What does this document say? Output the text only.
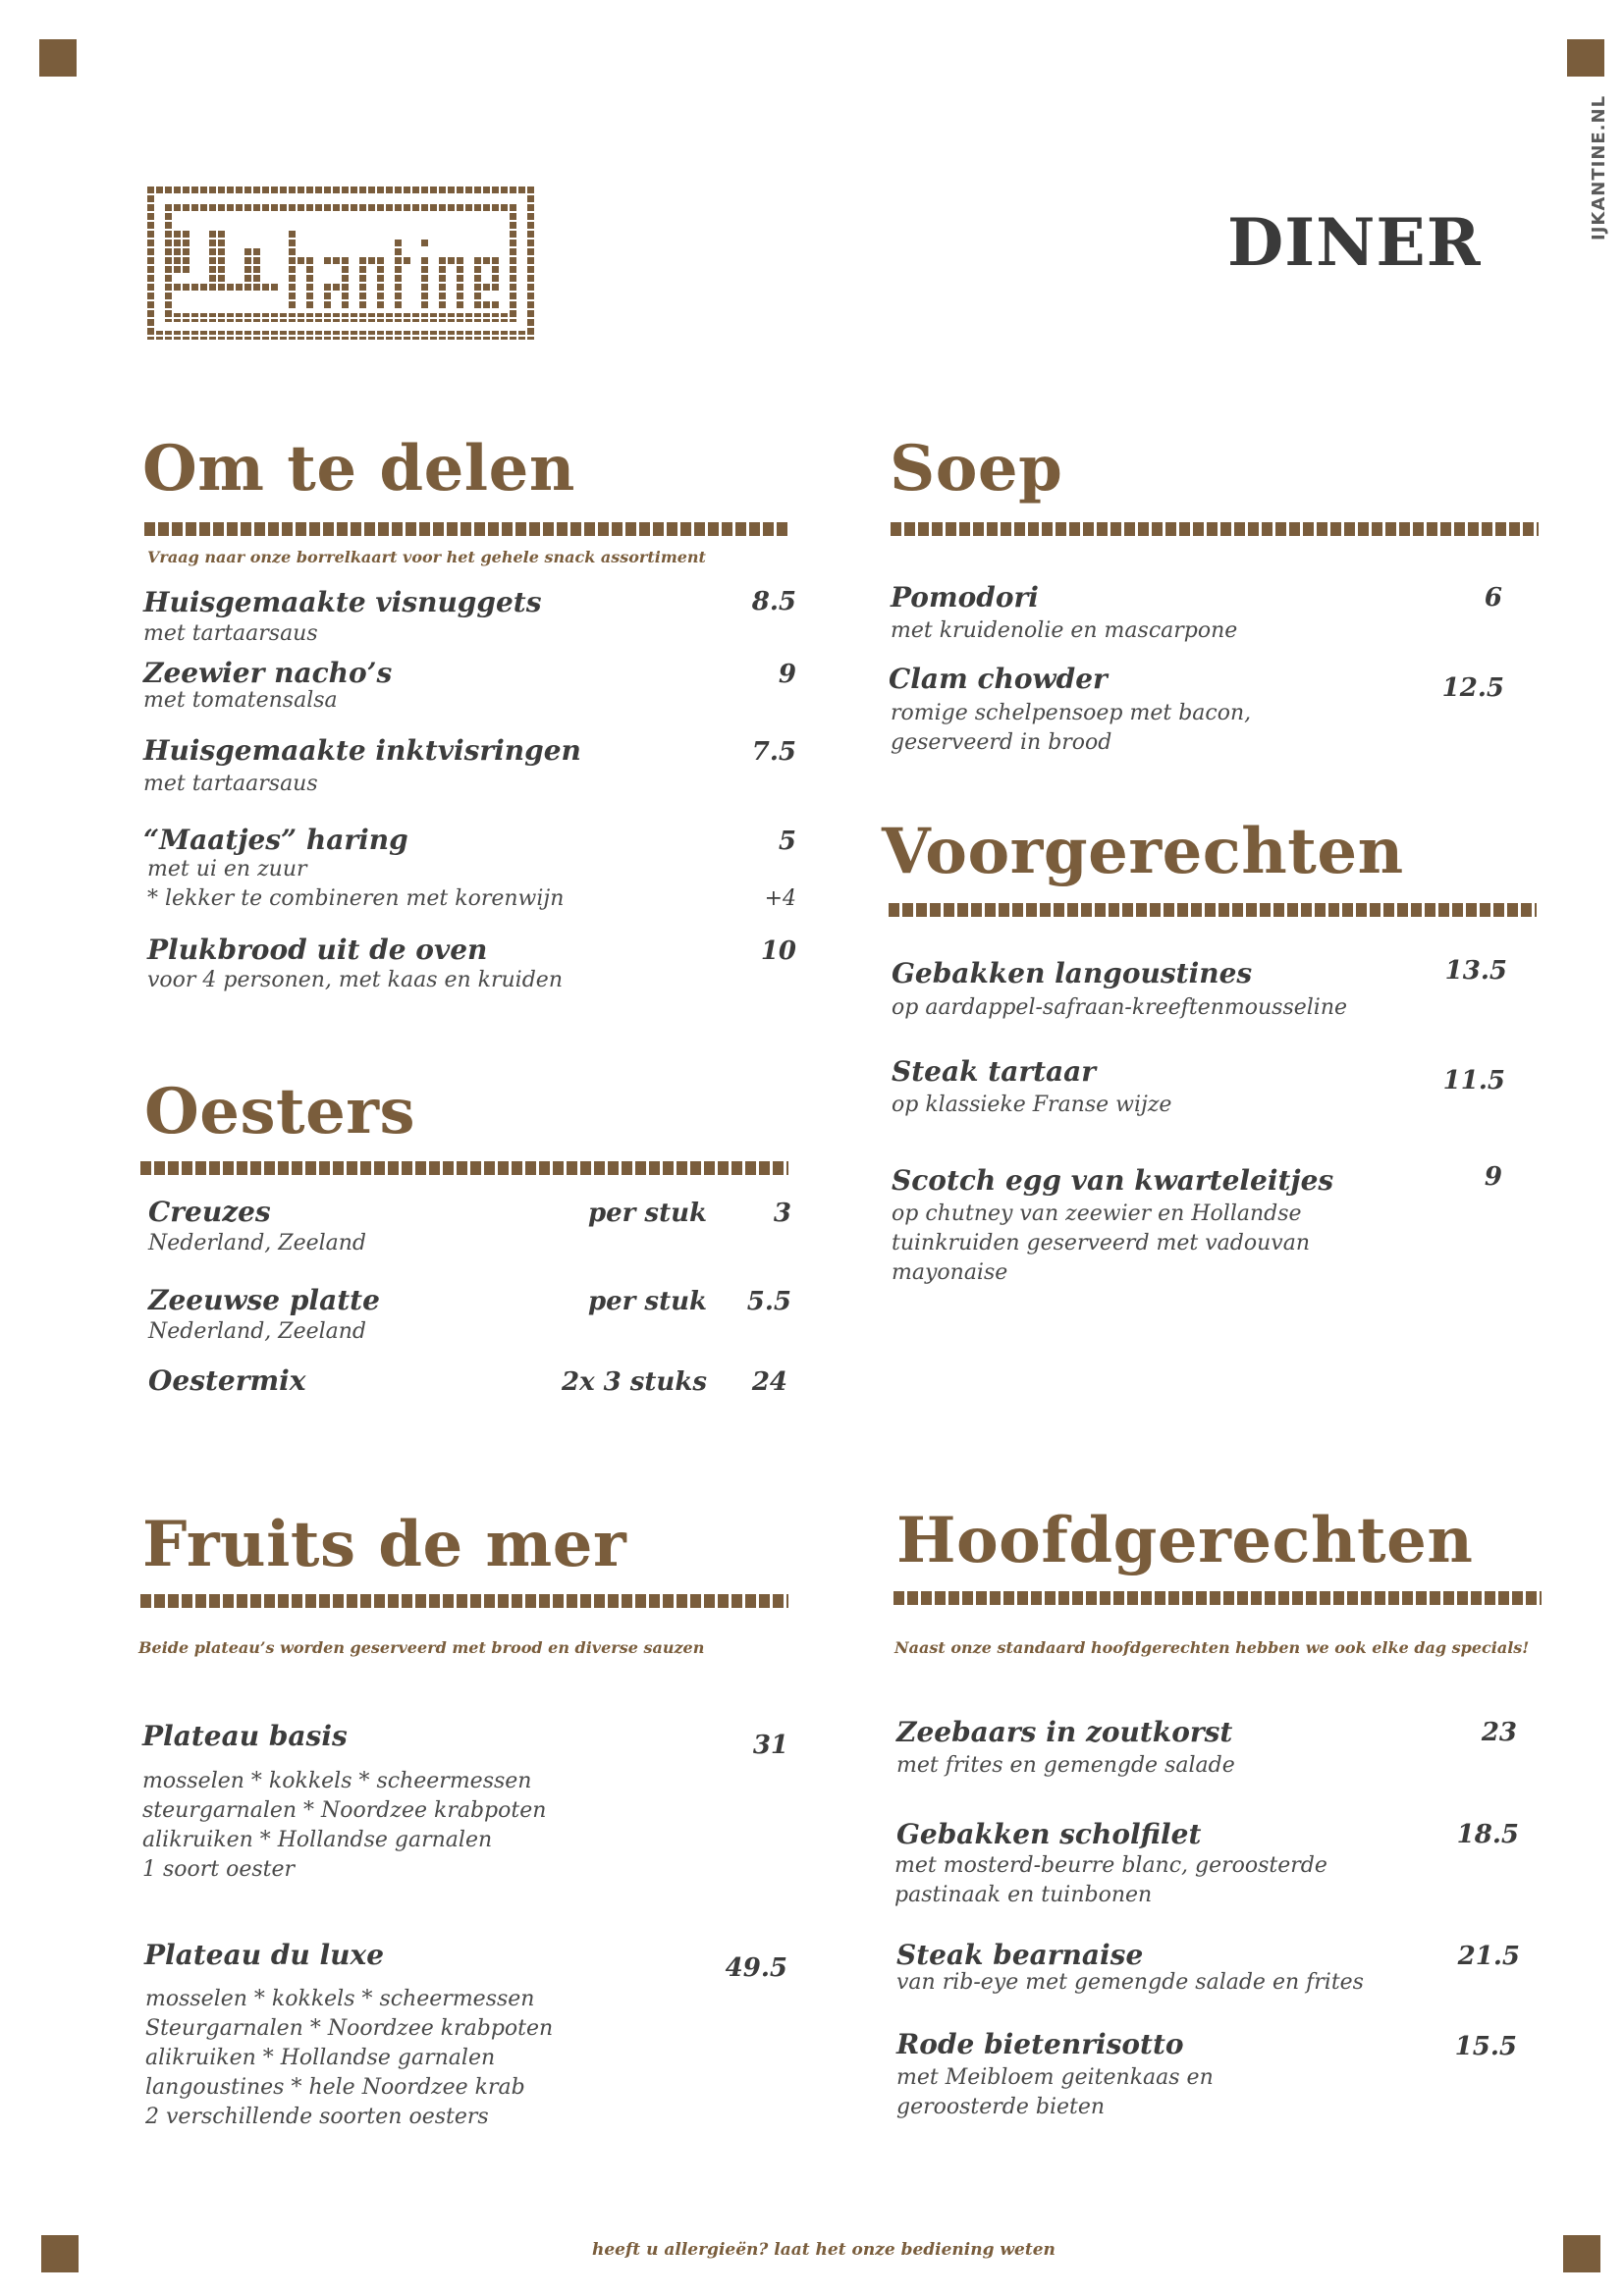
IJKANTINE.NL
DINER
Om te delen
Vraag naar onze borrelkaart voor het gehele snack assortiment
Huisgemaakte visnuggets	8.5
met tartaarsaus
Zeewier nacho’s	9
met tomatensalsa
Huisgemaakte inktvisringen	7.5
met tartaarsaus
“Maatjes” haring	5
met ui en zuur
* lekker te combineren met korenwijn	+4
Plukbrood uit de oven	10
voor 4 personen, met kaas en kruiden
Oesters
Creuzes	per stuk	3
Nederland, Zeeland
Zeeuwse platte	per stuk	5.5
Nederland, Zeeland
Oestermix	2x 3 stuks	24
Fruits de mer
Beide plateau’s worden geserveerd met brood en diverse sauzen
Plateau basis	31
mosselen * kokkels * scheermessen
steurgarnalen * Noordzee krabpoten
alikruiken * Hollandse garnalen
1 soort oester
Plateau du luxe	49.5
mosselen * kokkels * scheermessen
Steurgarnalen * Noordzee krabpoten
alikruiken * Hollandse garnalen
langoustines * hele Noordzee krab
2 verschillende soorten oesters
Soep
Pomodori	6
met kruidenolie en mascarpone
Clam chowder	12.5
romige schelpensoep met bacon,
geserveerd in brood
Voorgerechten
Gebakken langoustines	13.5
op aardappel-safraan-kreeftenmousseline
Steak tartaar	11.5
op klassieke Franse wijze
Scotch egg van kwarteleitjes	9
op chutney van zeewier en Hollandse
tuinkruiden geserveerd met vadouvan
mayonaise
Hoofdgerechten
Naast onze standaard hoofdgerechten hebben we ook elke dag specials!
Zeebaars in zoutkorst	23
met frites en gemengde salade
Gebakken scholfilet	18.5
met mosterd-beurre blanc, geroosterde
pastinaak en tuinbonen
Steak bearnaise	21.5
van rib-eye met gemengde salade en frites
Rode bietenrisotto	15.5
met Meibloem geitenkaas en
geroosterde bieten
heeft u allergieën? laat het onze bediening weten
